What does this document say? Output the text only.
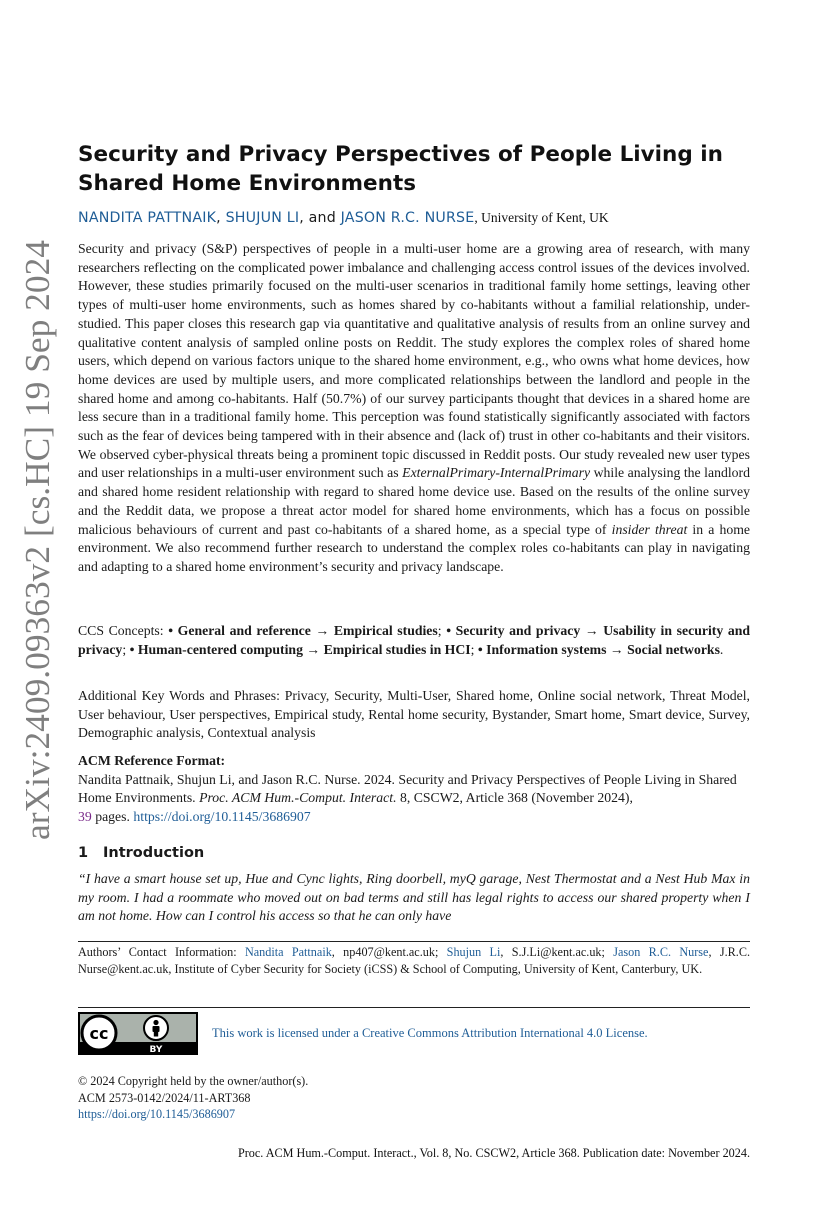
arXiv:2409.09363v2 [cs.HC] 19 Sep 2024
Security and Privacy Perspectives of People Living in Shared Home Environments
NANDITA PATTNAIK, SHUJUN LI, and JASON R.C. NURSE, University of Kent, UK

Security and privacy (S&P) perspectives of people in a multi-user home are a growing area of research, with many researchers reflecting on the complicated power imbalance and challenging access control issues of the devices involved. However, these studies primarily focused on the multi-user scenarios in traditional family home settings, leaving other types of multi-user home environments, such as homes shared by co-habitants without a familial relationship, under-studied. This paper closes this research gap via quantitative and qualitative analysis of results from an online survey and qualitative content analysis of sampled online posts on Reddit. The study explores the complex roles of shared home users, which depend on various factors unique to the shared home environment, e.g., who owns what home devices, how home devices are used by multiple users, and more complicated relationships between the landlord and people in the shared home and among co-habitants. Half (50.7%) of our survey participants thought that devices in a shared home are less secure than in a traditional family home. This perception was found statistically significantly associated with factors such as the fear of devices being tampered with in their absence and (lack of) trust in other co-habitants and their visitors. We observed cyber-physical threats being a prominent topic discussed in Reddit posts. Our study revealed new user types and user relationships in a multi-user environment such as ExternalPrimary-InternalPrimary while analysing the landlord and shared home resident relationship with regard to shared home device use. Based on the results of the online survey and the Reddit data, we propose a threat actor model for shared home environments, which has a focus on possible malicious behaviours of current and past co-habitants of a shared home, as a special type of insider threat in a home environment. We also recommend further research to understand the complex roles co-habitants can play in navigating and adapting to a shared home environment’s security and privacy landscape.

CCS Concepts: • General and reference → Empirical studies; • Security and privacy → Usability in security and privacy; • Human-centered computing → Empirical studies in HCI; • Information systems → Social networks.

Additional Key Words and Phrases: Privacy, Security, Multi-User, Shared home, Online social network, Threat Model, User behaviour, User perspectives, Empirical study, Rental home security, Bystander, Smart home, Smart device, Survey, Demographic analysis, Contextual analysis

ACM Reference Format:

Nandita Pattnaik, Shujun Li, and Jason R.C. Nurse. 2024. Security and Privacy Perspectives of People Living in Shared Home Environments. Proc. ACM Hum.-Comput. Interact. 8, CSCW2, Article 368 (November 2024),
39 pages. https://doi.org/10.1145/3686907

1 Introduction

“I have a smart house set up, Hue and Cync lights, Ring doorbell, myQ garage, Nest Thermostat and a Nest Hub Max in my room. I had a roommate who moved out on bad terms and still has legal rights to access our shared property when I am not home. How can I control his access so that he can only have

Authors’ Contact Information: Nandita Pattnaik, np407@kent.ac.uk; Shujun Li, S.J.Li@kent.ac.uk; Jason R.C. Nurse, J.R.C. Nurse@kent.ac.uk, Institute of Cyber Security for Society (iCSS) & School of Computing, University of Kent, Canterbury, UK.

cc
BY
This work is licensed under a Creative Commons Attribution International 4.0 License.
© 2024 Copyright held by the owner/author(s).
ACM 2573-0142/2024/11-ART368
https://doi.org/10.1145/3686907
Proc. ACM Hum.-Comput. Interact., Vol. 8, No. CSCW2, Article 368. Publication date: November 2024.
